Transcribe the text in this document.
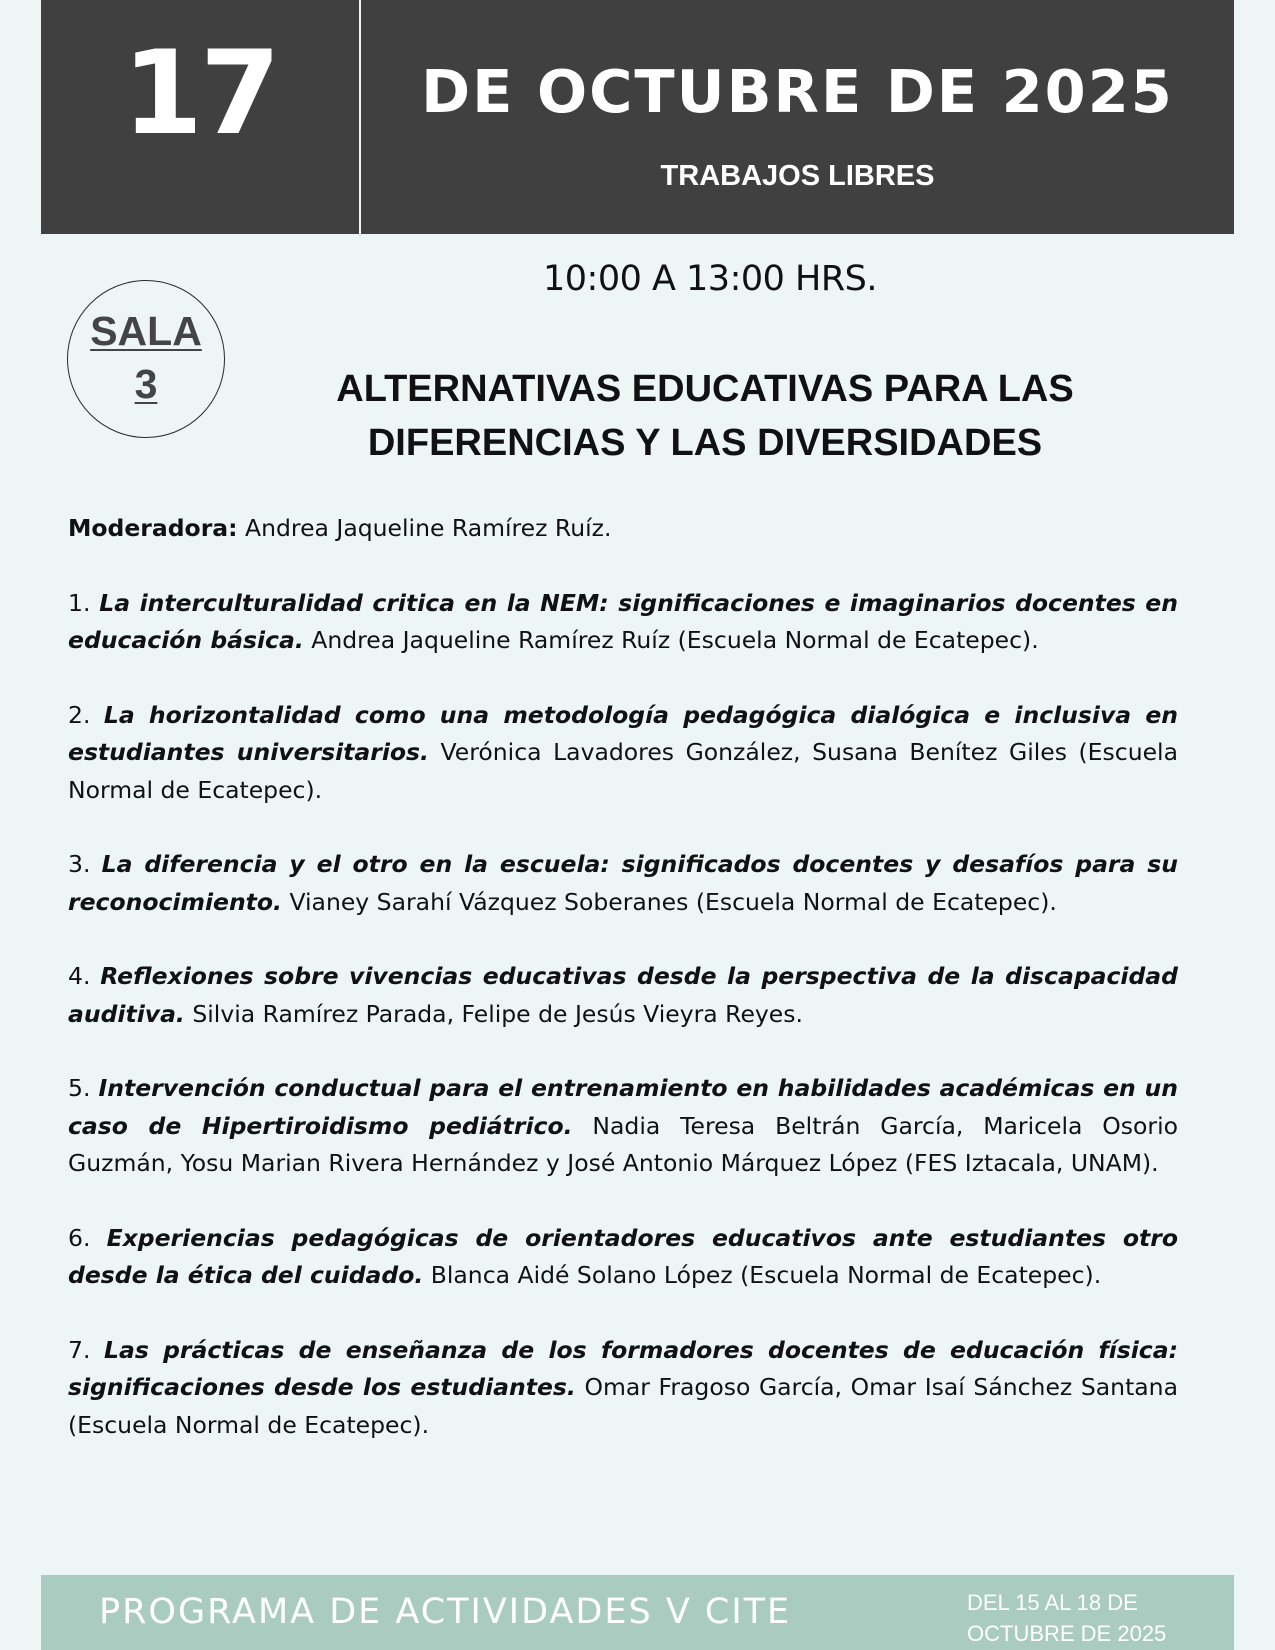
17	DE OCTUBRE DE 2025
TRABAJOS LIBRES
10:00 A 13:00 HRS.
SALA
3	ALTERNATIVAS EDUCATIVAS PARA LAS
DIFERENCIAS Y LAS DIVERSIDADES

Moderadora: Andrea Jaqueline Ramírez Ruíz.

1. La interculturalidad critica en la NEM: significaciones e imaginarios docentes en educación básica. Andrea Jaqueline Ramírez Ruíz (Escuela Normal de Ecatepec).

2. La horizontalidad como una metodología pedagógica dialógica e inclusiva en estudiantes universitarios. Verónica Lavadores González, Susana Benítez Giles (Escuela Normal de Ecatepec).

3. La diferencia y el otro en la escuela: significados docentes y desafíos para su reconocimiento. Vianey Sarahí Vázquez Soberanes (Escuela Normal de Ecatepec).

4. Reflexiones sobre vivencias educativas desde la perspectiva de la discapacidad auditiva. Silvia Ramírez Parada, Felipe de Jesús Vieyra Reyes.

5. Intervención conductual para el entrenamiento en habilidades académicas en un caso de Hipertiroidismo pediátrico. Nadia Teresa Beltrán García, Maricela Osorio Guzmán, Yosu Marian Rivera Hernández y José Antonio Márquez López (FES Iztacala, UNAM).

6. Experiencias pedagógicas de orientadores educativos ante estudiantes otro desde la ética del cuidado. Blanca Aidé Solano López (Escuela Normal de Ecatepec).

7. Las prácticas de enseñanza de los formadores docentes de educación física: significaciones desde los estudiantes. Omar Fragoso García, Omar Isaí Sánchez Santana (Escuela Normal de Ecatepec).

PROGRAMA DE ACTIVIDADES V CITE	DEL 15 AL 18 DE
OCTUBRE DE 2025
